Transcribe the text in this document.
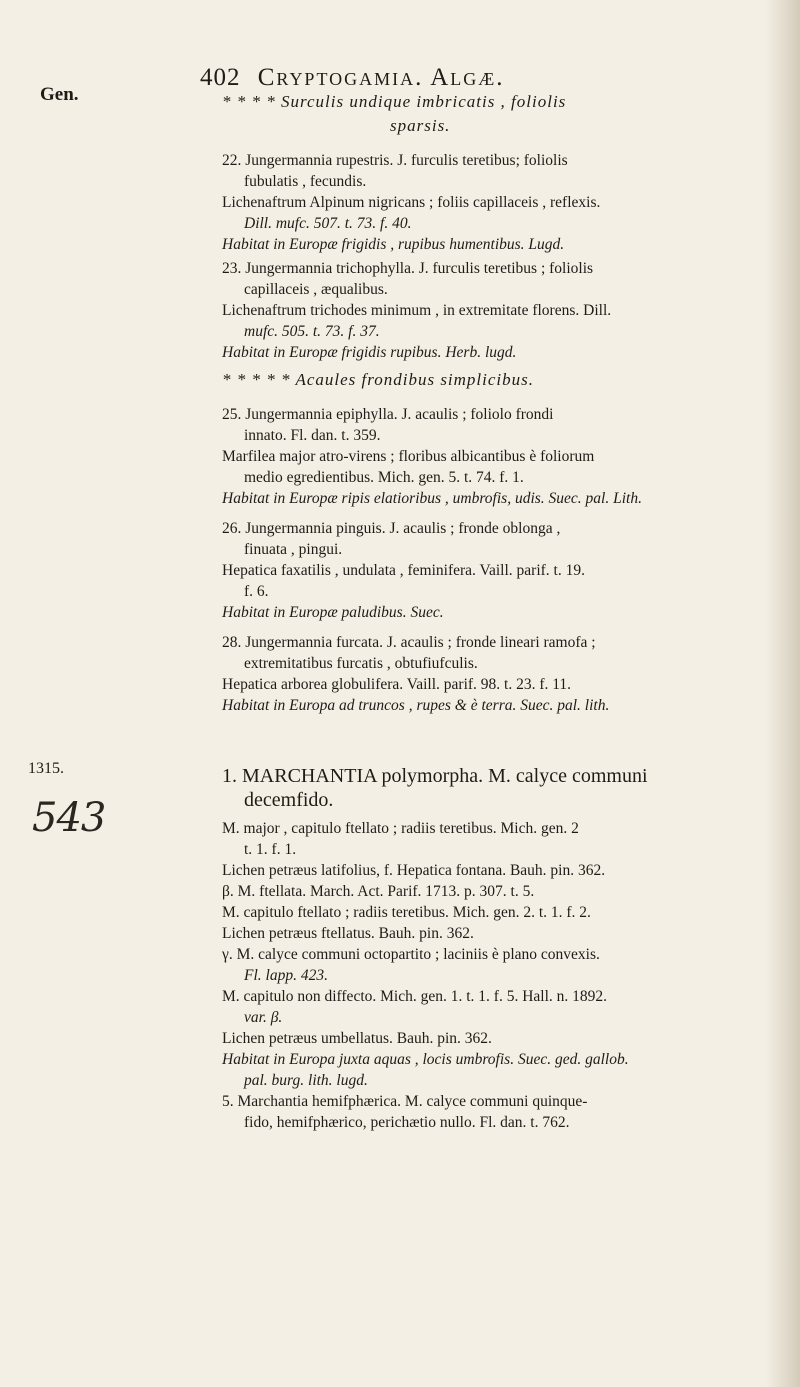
402 Cryptogamia. Algæ.
Gen.	* * * * Surculis undique imbricatis , foliolis
sparsis.
22. Jungermannia rupestris. J. furculis teretibus; foliolis
fubulatis , fecundis.
Lichenaftrum Alpinum nigricans ; foliis capillaceis , reflexis.
Dill. mufc. 507. t. 73. f. 40.
Habitat in Europæ frigidis , rupibus humentibus. Lugd.
23. Jungermannia trichophylla. J. furculis teretibus ; foliolis
capillaceis , æqualibus.
Lichenaftrum trichodes minimum , in extremitate florens. Dill.
mufc. 505. t. 73. f. 37.
Habitat in Europæ frigidis rupibus. Herb. lugd.
* * * * * Acaules frondibus simplicibus.
25. Jungermannia epiphylla. J. acaulis ; foliolo frondi
innato. Fl. dan. t. 359.
Marfilea major atro-virens ; floribus albicantibus è foliorum
medio egredientibus. Mich. gen. 5. t. 74. f. 1.
Habitat in Europæ ripis elatioribus , umbrofis, udis. Suec. pal. Lith.
26. Jungermannia pinguis. J. acaulis ; fronde oblonga ,
finuata , pingui.
Hepatica faxatilis , undulata , feminifera. Vaill. parif. t. 19.
f. 6.
Habitat in Europæ paludibus. Suec.
28. Jungermannia furcata. J. acaulis ; fronde lineari ramofa ;
extremitatibus furcatis , obtufiufculis.
Hepatica arborea globulifera. Vaill. parif. 98. t. 23. f. 11.
Habitat in Europa ad truncos , rupes & è terra. Suec. pal. lith.
1315.
543
1. MARCHANTIA polymorpha. M. calyce communi
decemfido.
M. major , capitulo ftellato ; radiis teretibus. Mich. gen. 2
t. 1. f. 1.
Lichen petræus latifolius, f. Hepatica fontana. Bauh. pin. 362.
β. M. ftellata. March. Act. Parif. 1713. p. 307. t. 5.
M. capitulo ftellato ; radiis teretibus. Mich. gen. 2. t. 1. f. 2.
Lichen petræus ftellatus. Bauh. pin. 362.
γ. M. calyce communi octopartito ; laciniis è plano convexis.
Fl. lapp. 423.
M. capitulo non diffecto. Mich. gen. 1. t. 1. f. 5. Hall. n. 1892.
var. β.
Lichen petræus umbellatus. Bauh. pin. 362.
Habitat in Europa juxta aquas , locis umbrofis. Suec. ged. gallob.
pal. burg. lith. lugd.
5. Marchantia hemifphærica. M. calyce communi quinque-
fido, hemifphærico, perichætio nullo. Fl. dan. t. 762.
